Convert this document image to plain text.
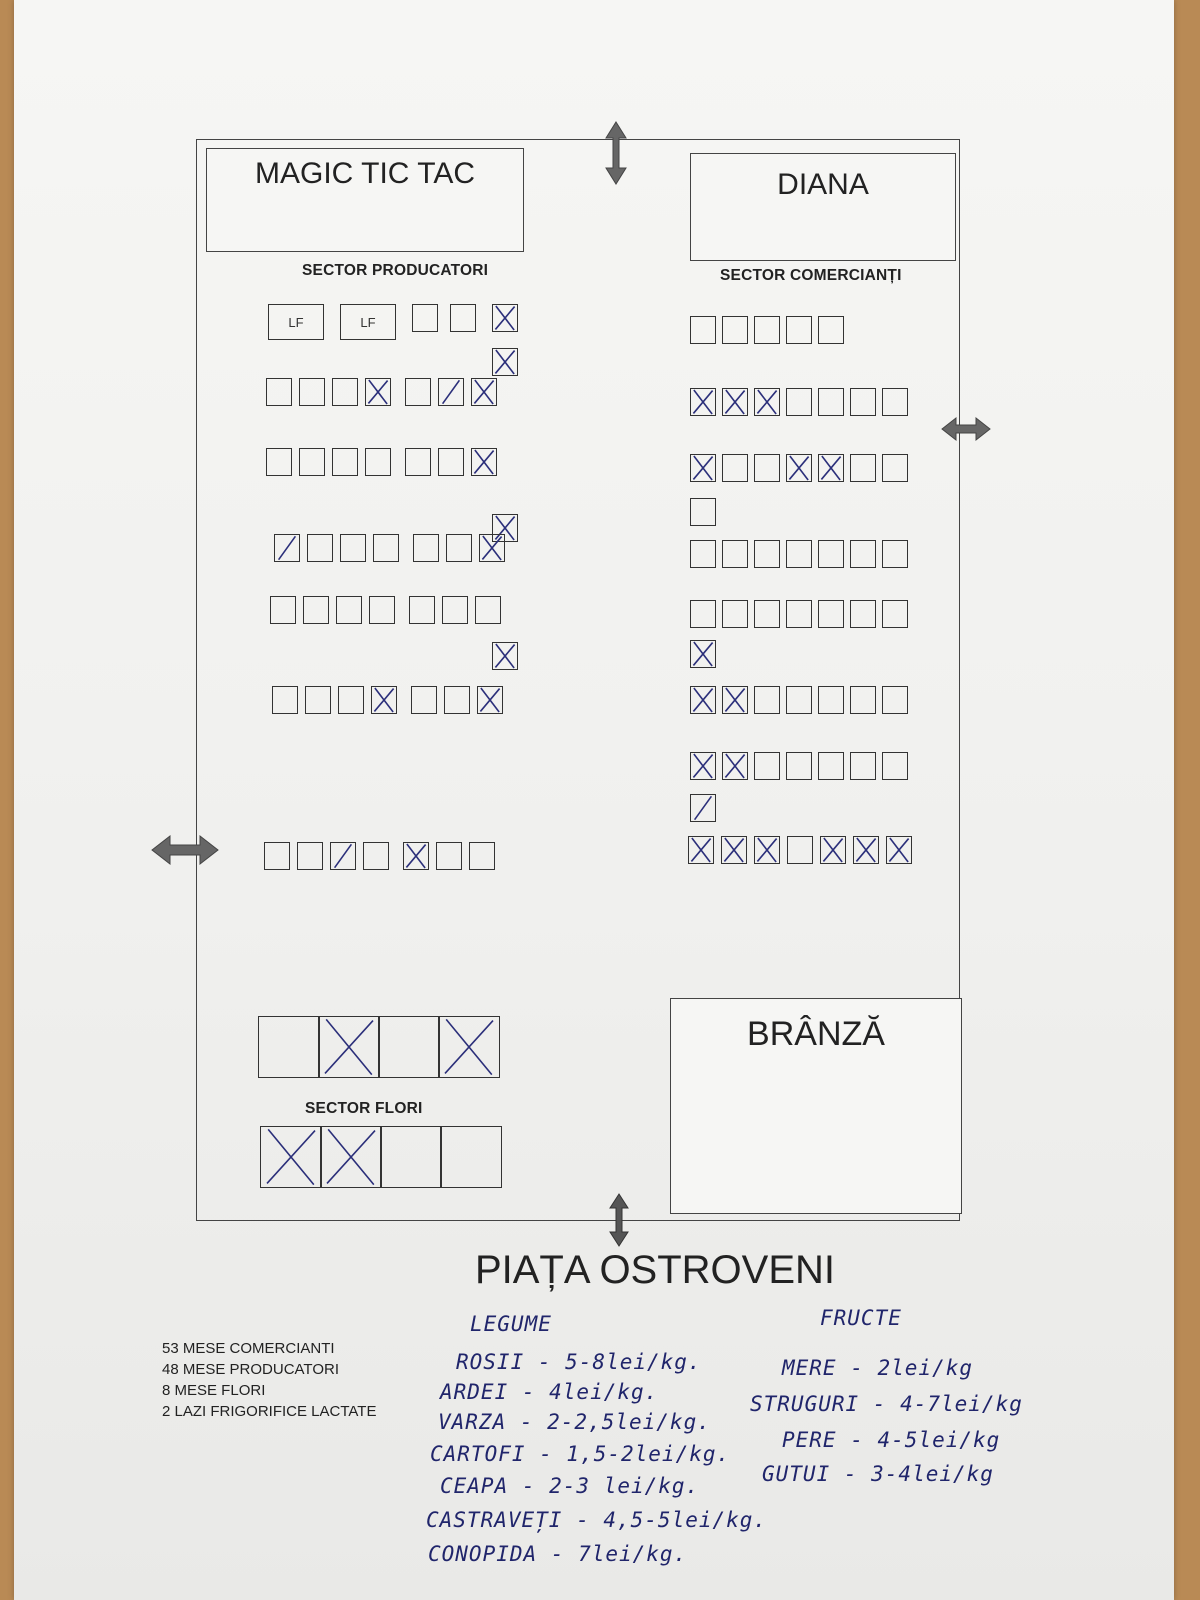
MAGIC TIC TAC	DIANA
BRÂNZĂ
SECTOR PRODUCATORI	SECTOR COMERCIANȚI
SECTOR FLORI
LF	LF
PIAȚA OSTROVENI
53 MESE COMERCIANTI
48 MESE PRODUCATORI
8 MESE FLORI
2 LAZI FRIGORIFICE LACTATE
LEGUME
ROSII - 5-8lei/kg.
ARDEI - 4lei/kg.
VARZA - 2-2,5lei/kg.
CARTOFI - 1,5-2lei/kg.
CEAPA - 2-3 lei/kg.
CASTRAVEȚI - 4,5-5lei/kg.
CONOPIDA - 7lei/kg.
FRUCTE
MERE - 2lei/kg
STRUGURI - 4-7lei/kg
PERE - 4-5lei/kg
GUTUI - 3-4lei/kg
